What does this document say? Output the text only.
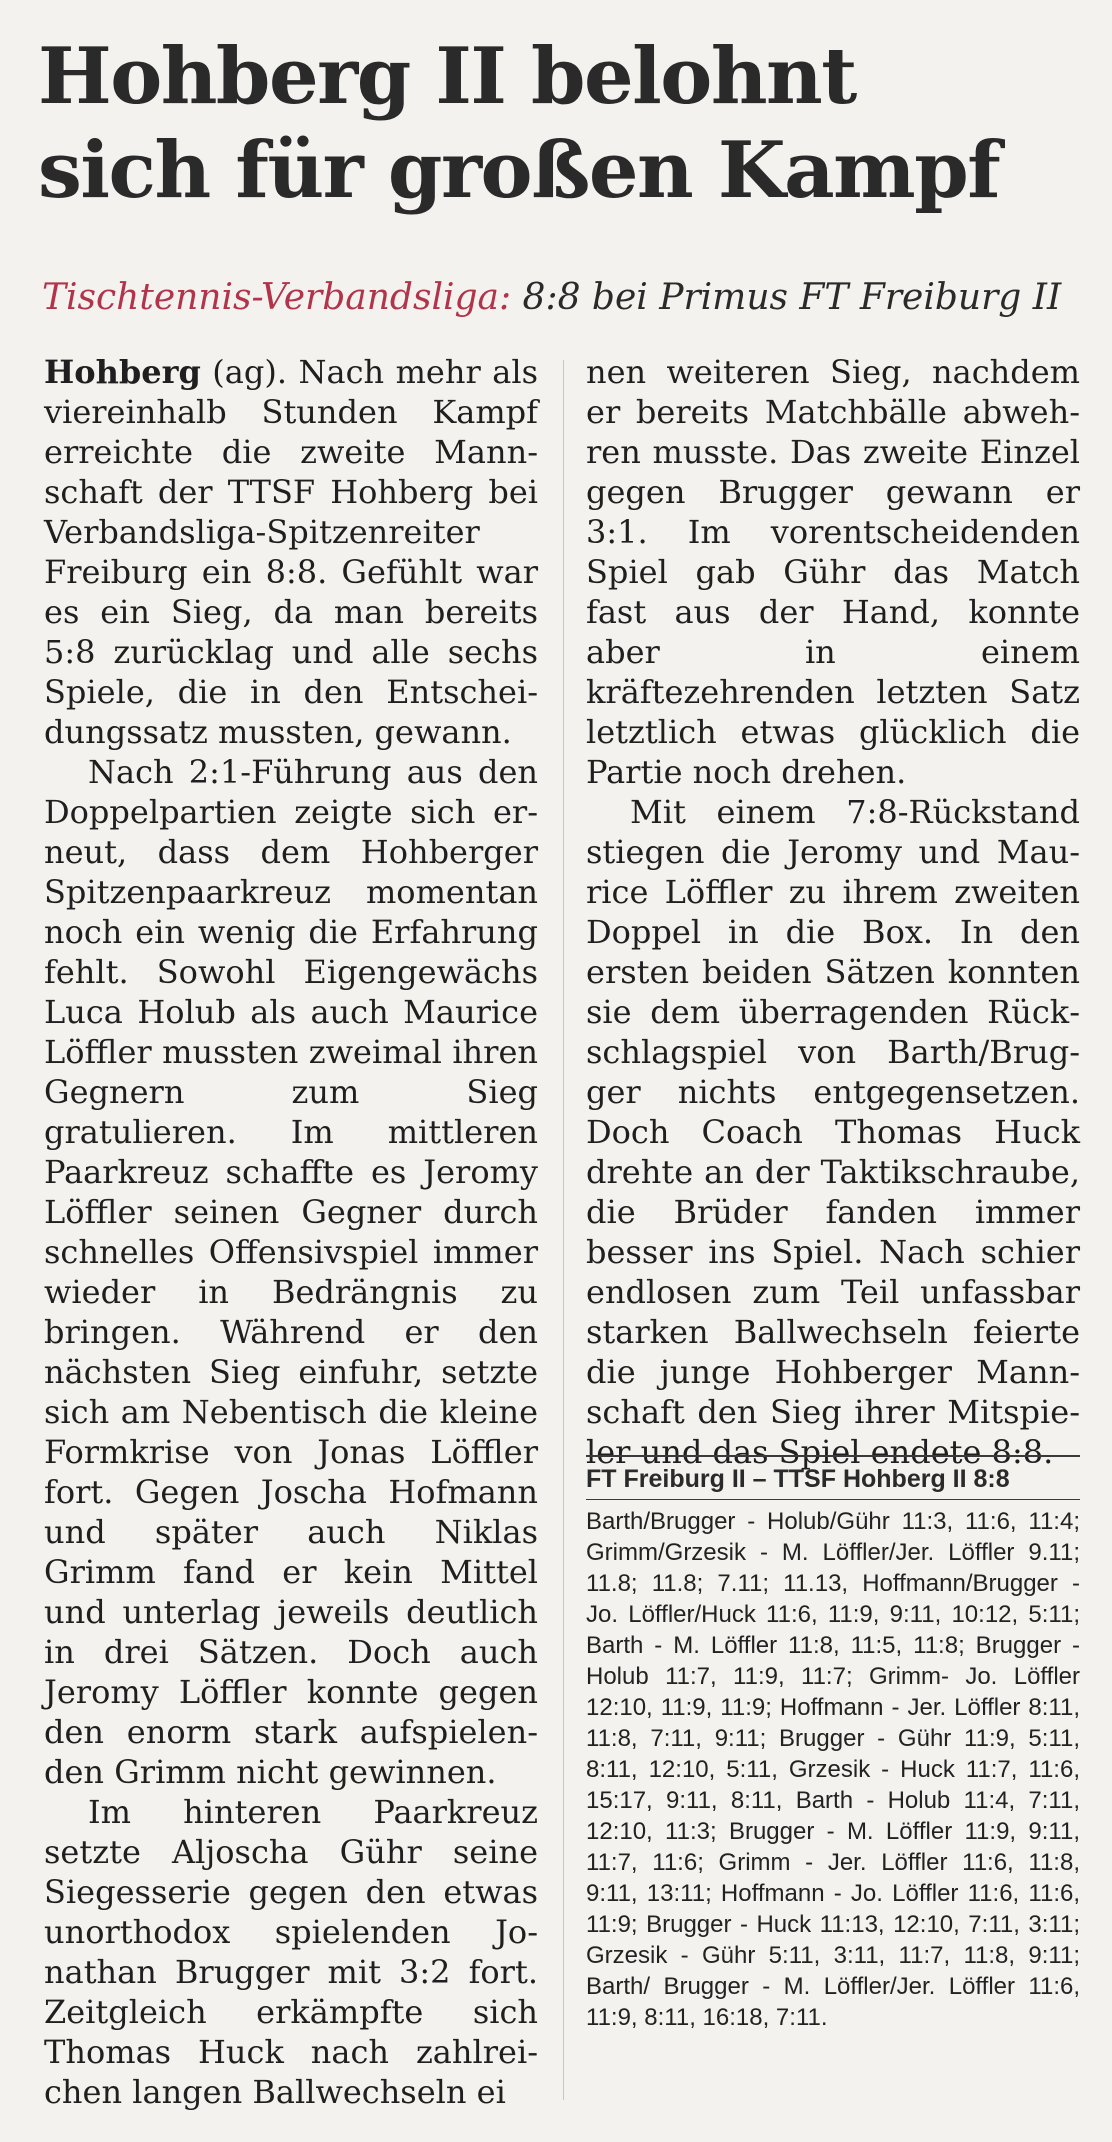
Hohberg II belohnt
sich für großen Kampf

Tischtennis-Verbandsliga: 8:8 bei Primus FT Freiburg II

Hohberg (ag). Nach mehr als viereinhalb Stunden Kampf erreichte die zweite Mannschaft der TTSF Hohberg bei Verbandsliga-Spitzenreiter Freiburg ein 8:8. Gefühlt war es ein Sieg, da man bereits 5:8 zurücklag und alle sechs Spiele, die in den Entscheidungssatz mussten, gewann.

Nach 2:1-Führung aus den Doppelpartien zeigte sich erneut, dass dem Hohberger Spitzenpaarkreuz momentan noch ein wenig die Erfahrung fehlt. Sowohl Eigengewächs Luca Holub als auch Maurice Löffler mussten zweimal ihren Gegnern zum Sieg gratulieren. Im mittleren Paarkreuz schaffte es Jeromy Löffler seinen Gegner durch schnelles Offensivspiel immer wieder in Bedrängnis zu bringen. Während er den nächsten Sieg einfuhr, setzte sich am Nebentisch die kleine Formkrise von Jonas Löffler fort. Gegen Joscha Hofmann und später auch Niklas Grimm fand er kein Mittel und unterlag jeweils deutlich in drei Sätzen. Doch auch Jeromy Löffler konnte gegen den enorm stark aufspielenden Grimm nicht gewinnen.

Im hinteren Paarkreuz setzte Aljoscha Gühr seine Siegesserie gegen den etwas unorthodox spielenden Jonathan Brugger mit 3:2 fort. Zeitgleich erkämpfte sich Thomas Huck nach zahlreichen langen Ballwechseln ei

nen weiteren Sieg, nachdem er bereits Matchbälle abwehren musste. Das zweite Einzel gegen Brugger gewann er 3:1. Im vorentscheidenden Spiel gab Gühr das Match fast aus der Hand, konnte aber in einem kräftezehrenden letzten Satz letztlich etwas glücklich die Partie noch drehen.

Mit einem 7:8-Rückstand stiegen die Jeromy und Maurice Löffler zu ihrem zweiten Doppel in die Box. In den ersten beiden Sätzen konnten sie dem überragenden Rückschlagspiel von Barth/Brugger nichts entgegensetzen. Doch Coach Thomas Huck drehte an der Taktikschraube, die Brüder fanden immer besser ins Spiel. Nach schier endlosen zum Teil unfassbar starken Ballwechseln feierte die junge Hohberger Mannschaft den Sieg ihrer Mitspieler und das Spiel endete 8:8.

FT Freiburg II – TTSF Hohberg II 8:8

Barth/Brugger - Holub/Gühr 11:3, 11:6, 11:4; Grimm/Grzesik - M. Löffler/Jer. Löffler 9.11; 11.8; 11.8; 7.11; 11.13, Hoffmann/Brugger - Jo. Löffler/Huck 11:6, 11:9, 9:11, 10:12, 5:11; Barth - M. Löffler 11:8, 11:5, 11:8; Brugger - Holub 11:7, 11:9, 11:7; Grimm- Jo. Löffler 12:10, 11:9, 11:9; Hoffmann - Jer. Löffler 8:11, 11:8, 7:11, 9:11; Brugger - Gühr 11:9, 5:11, 8:11, 12:10, 5:11, Grzesik - Huck 11:7, 11:6, 15:17, 9:11, 8:11, Barth - Holub 11:4, 7:11, 12:10, 11:3; Brugger - M. Löffler 11:9, 9:11, 11:7, 11:6; Grimm - Jer. Löffler 11:6, 11:8, 9:11, 13:11; Hoffmann - Jo. Löffler 11:6, 11:6, 11:9; Brugger - Huck 11:13, 12:10, 7:11, 3:11; Grzesik - Gühr 5:11, 3:11, 11:7, 11:8, 9:11; Barth/ Brugger - M. Löffler/Jer. Löffler 11:6, 11:9, 8:11, 16:18, 7:11.
